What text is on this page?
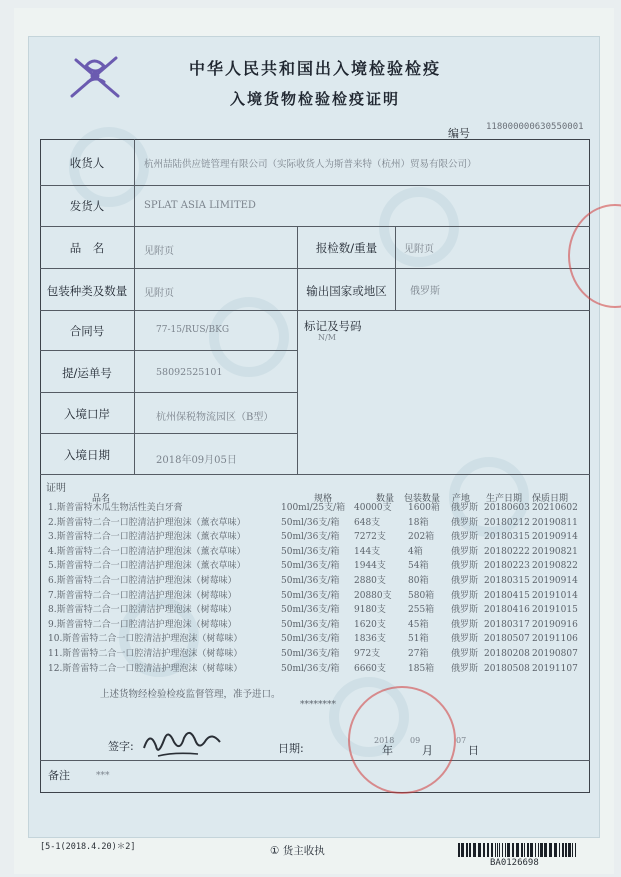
中华人民共和国出入境检验检疫
入境货物检验检疫证明
编号 118000000630550001
收货人	杭州喆陆供应链管理有限公司（实际收货人为斯普来特（杭州）贸易有限公司）
发货人	SPLAT ASIA LIMITED
品　名	见附页	报检数/重量	见附页
包装种类及数量	见附页	输出国家或地区	俄罗斯
合同号	77-15/RUS/BKG	标记及号码
N/M
提/运单号	58092525101
入境口岸	杭州保税物流园区（B型）
入境日期	2018年09月05日
证明
品名	规格	数量 包装数量 产地 生产日期 保质日期
1.斯普雷特木瓜生物活性美白牙膏	100ml/25支/箱 40000支 1600箱 俄罗斯 20180603 20210602
2.斯普雷特二合一口腔清洁护理泡沫（薰衣草味）	50ml/36支/箱 648支	18箱	俄罗斯 20180212 20190811
3.斯普雷特二合一口腔清洁护理泡沫（薰衣草味）	50ml/36支/箱 7272支 202箱 俄罗斯 20180315 20190914
4.斯普雷特二合一口腔清洁护理泡沫（薰衣草味）	50ml/36支/箱 144支	4箱	俄罗斯 20180222 20190821
5.斯普雷特二合一口腔清洁护理泡沫（薰衣草味）	50ml/36支/箱 1944支 54箱	俄罗斯 20180223 20190822
6.斯普雷特二合一口腔清洁护理泡沫（树莓味）	50ml/36支/箱 2880支 80箱	俄罗斯 20180315 20190914
7.斯普雷特二合一口腔清洁护理泡沫（树莓味）	50ml/36支/箱 20880支 580箱 俄罗斯 20180415 20191014
8.斯普雷特二合一口腔清洁护理泡沫（树莓味）	50ml/36支/箱 9180支 255箱 俄罗斯 20180416 20191015
9.斯普雷特二合一口腔清洁护理泡沫（树莓味）	50ml/36支/箱 1620支 45箱	俄罗斯 20180317 20190916
10.斯普雷特二合一口腔清洁护理泡沫（树莓味）	50ml/36支/箱 1836支 51箱	俄罗斯 20180507 20191106
11.斯普雷特二合一口腔清洁护理泡沫（树莓味）	50ml/36支/箱 972支	27箱	俄罗斯 20180208 20190807
12.斯普雷特二合一口腔清洁护理泡沫（树莓味）	50ml/36支/箱 6660支 185箱 俄罗斯 20180508 20191107
上述货物经检验检疫监督管理，准予进口。
********
签字:	日期:
2018
年
09
月
07
日
备注	***
[5-1(2018.4.20)＊2]	① 货主收执
BA0126698
